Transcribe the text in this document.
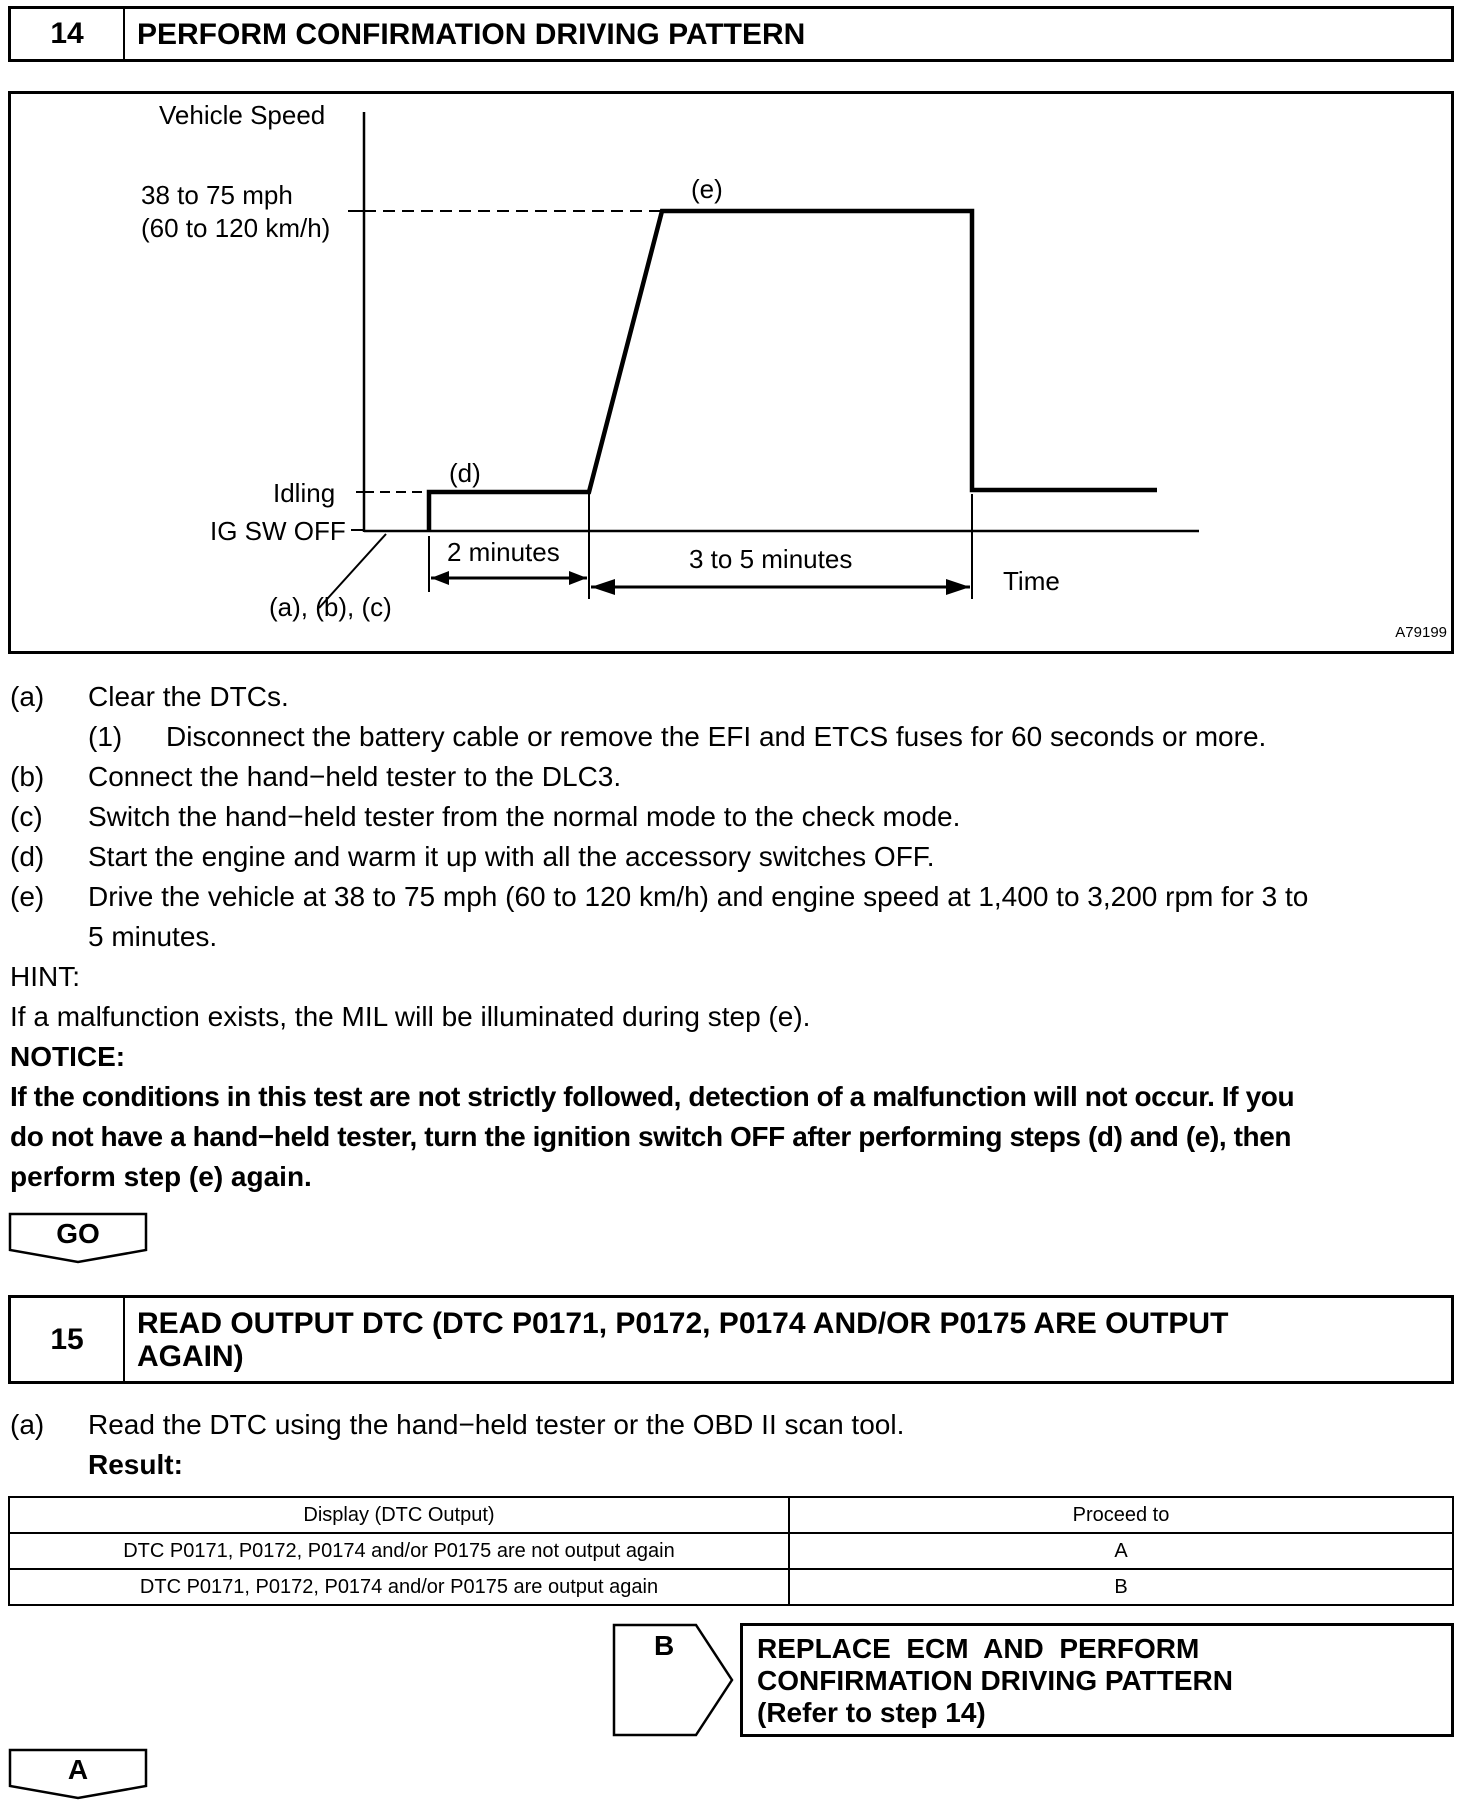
14	PERFORM CONFIRMATION DRIVING PATTERN
Vehicle Speed
38 to 75 mph
(60 to 120 km/h)
(e)
(d)
Idling
IG SW OFF
2 minutes	3 to 5 minutes
Time
(a), (b), (c)
A79199
(a) Clear the DTCs.
(1) Disconnect the battery cable or remove the EFI and ETCS fuses for 60 seconds or more.
(b) Connect the hand−held tester to the DLC3.
(c) Switch the hand−held tester from the normal mode to the check mode.
(d) Start the engine and warm it up with all the accessory switches OFF.
(e) Drive the vehicle at 38 to 75 mph (60 to 120 km/h) and engine speed at 1,400 to 3,200 rpm for 3 to
5 minutes.
HINT:
If a malfunction exists, the MIL will be illuminated during step (e).
NOTICE:
If the conditions in this test are not strictly followed, detection of a malfunction will not occur. If you
do not have a hand−held tester, turn the ignition switch OFF after performing steps (d) and (e), then
perform step (e) again.
GO
15	READ OUTPUT DTC (DTC P0171, P0172, P0174 AND/OR P0175 ARE OUTPUT
AGAIN)
(a) Read the DTC using the hand−held tester or the OBD II scan tool.
Result:
Display (DTC Output)	Proceed to
DTC P0171, P0172, P0174 and/or P0175 are not output again	A
DTC P0171, P0172, P0174 and/or P0175 are output again	B
B	REPLACE  ECM  AND  PERFORM
CONFIRMATION DRIVING PATTERN
(Refer to step 14)
A
